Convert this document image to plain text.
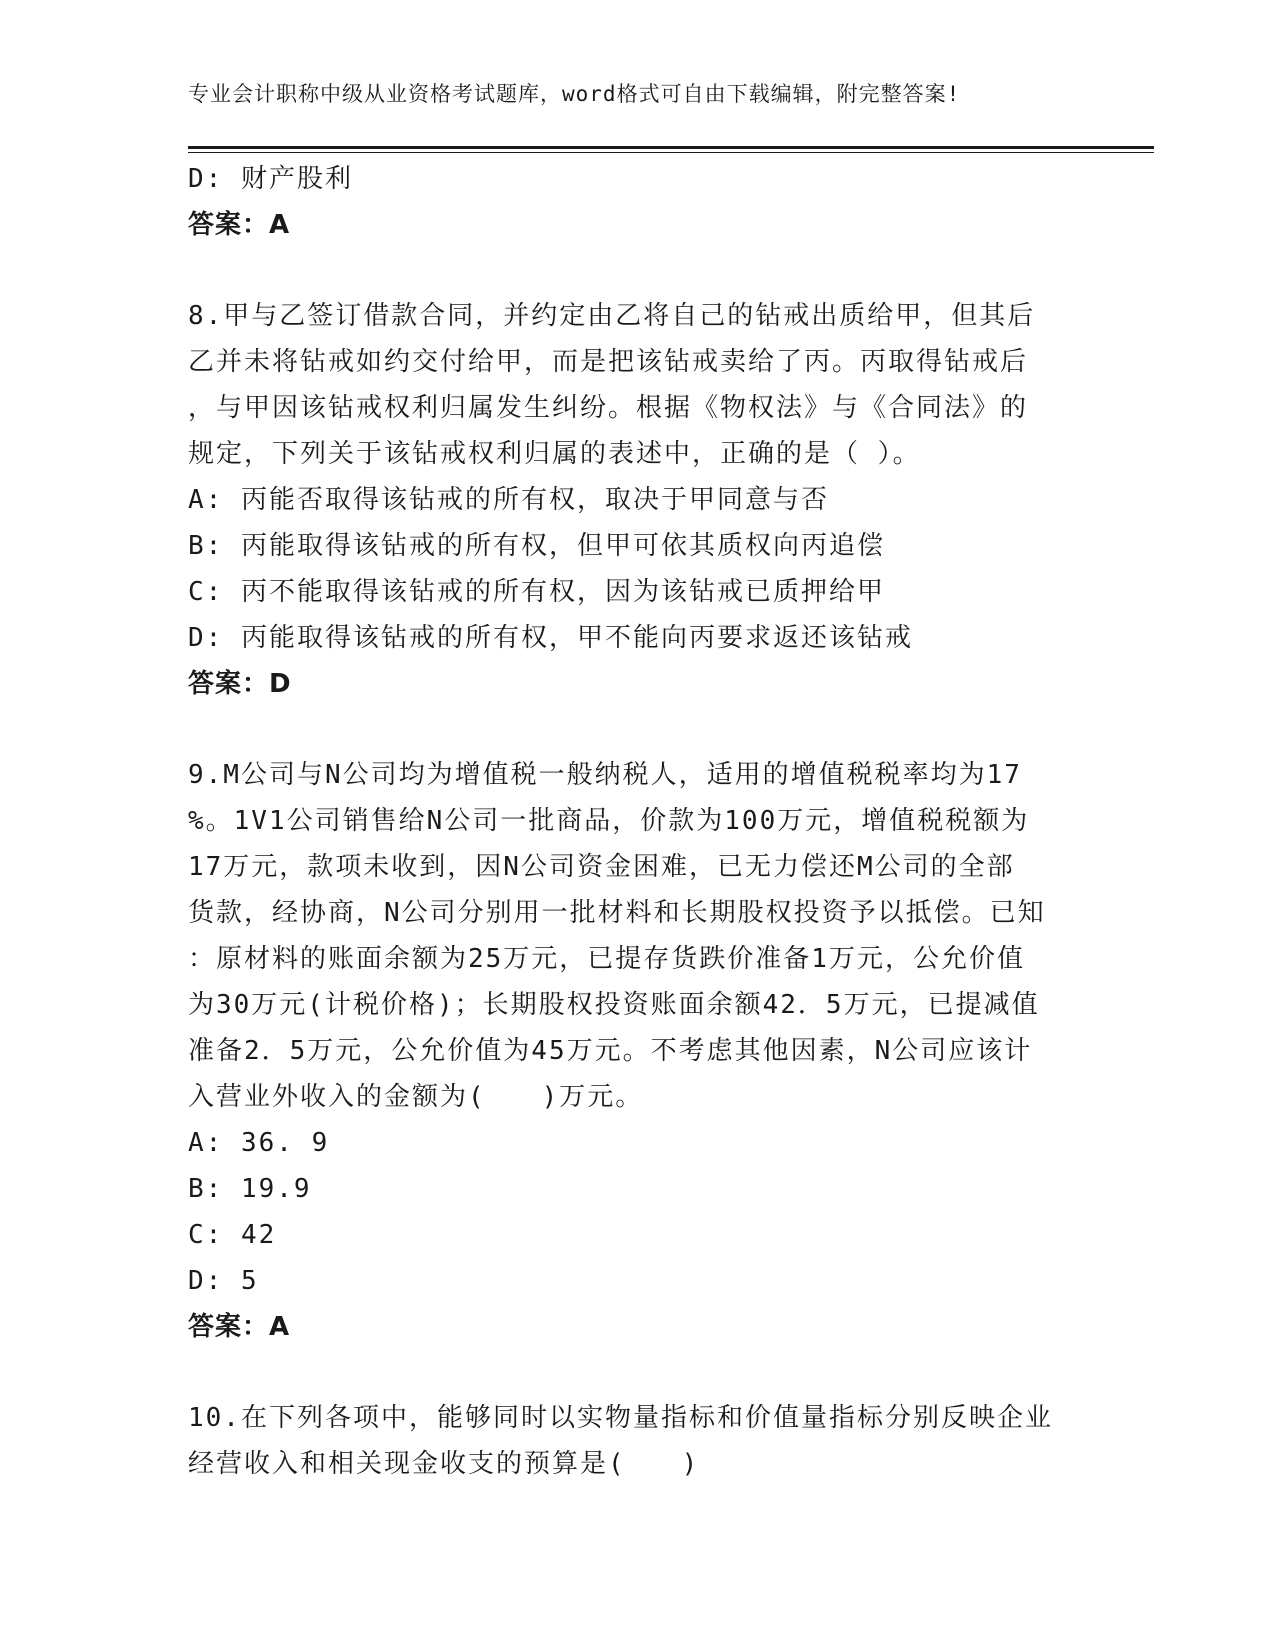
专业会计职称中级从业资格考试题库，word格式可自由下载编辑，附完整答案!
D: 财产股利
答案：A
8.甲与乙签订借款合同，并约定由乙将自己的钻戒出质给甲，但其后
乙并未将钻戒如约交付给甲，而是把该钻戒卖给了丙。丙取得钻戒后
，与甲因该钻戒权利归属发生纠纷。根据《物权法》与《合同法》的
规定，下列关于该钻戒权利归属的表述中，正确的是（ ）。
A: 丙能否取得该钻戒的所有权，取决于甲同意与否
B: 丙能取得该钻戒的所有权，但甲可依其质权向丙追偿
C: 丙不能取得该钻戒的所有权，因为该钻戒已质押给甲
D: 丙能取得该钻戒的所有权，甲不能向丙要求返还该钻戒
答案：D
9.M公司与N公司均为增值税一般纳税人，适用的增值税税率均为17
%。1V1公司销售给N公司一批商品，价款为100万元，增值税税额为
17万元，款项未收到，因N公司资金困难，已无力偿还M公司的全部
货款，经协商，N公司分别用一批材料和长期股权投资予以抵偿。已知
：原材料的账面余额为25万元，已提存货跌价准备1万元，公允价值
为30万元(计税价格)；长期股权投资账面余额42．5万元，已提减值
准备2．5万元，公允价值为45万元。不考虑其他因素，N公司应该计
入营业外收入的金额为(　　)万元。
A: 36. 9
B: 19.9
C: 42
D: 5
答案：A
10.在下列各项中，能够同时以实物量指标和价值量指标分别反映企业
经营收入和相关现金收支的预算是(　　)
